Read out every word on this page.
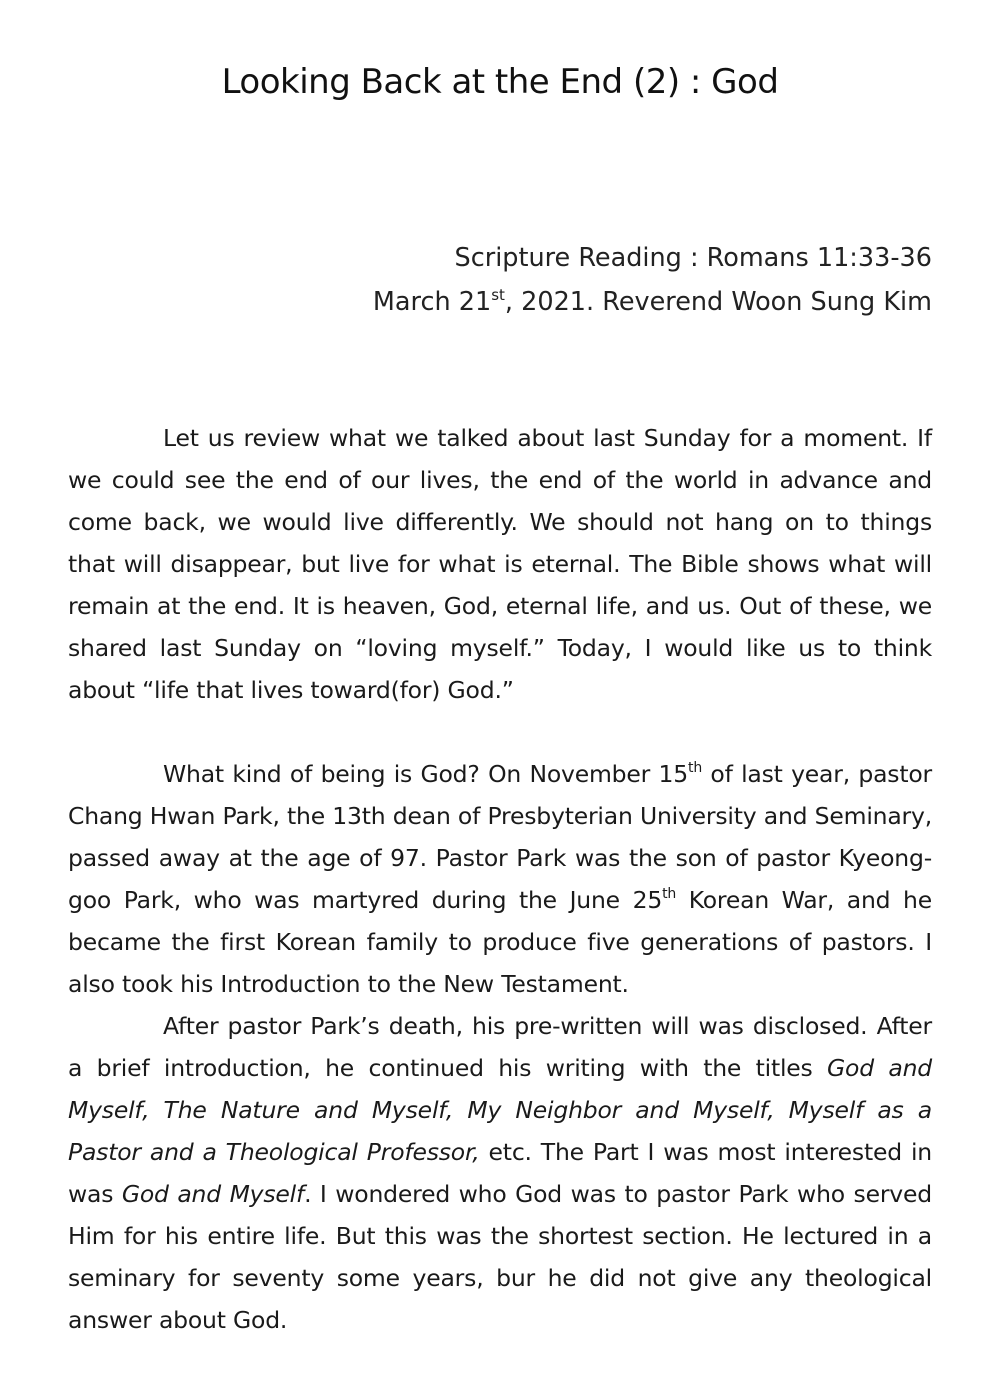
Looking Back at the End (2) : God
Scripture Reading : Romans 11:33-36
March 21st, 2021. Reverend Woon Sung Kim

Let us review what we talked about last Sunday for a moment. If we could see the end of our lives, the end of the world in advance and come back, we would live differently. We should not hang on to things that will disappear, but live for what is eternal. The Bible shows what will remain at the end. It is heaven, God, eternal life, and us. Out of these, we shared last Sunday on “loving myself.” Today, I would like us to think about “life that lives toward(for) God.”

What kind of being is God? On November 15th of last year, pastor Chang Hwan Park, the 13th dean of Presbyterian University and Seminary, passed away at the age of 97. Pastor Park was the son of pastor Kyeong-goo Park, who was martyred during the June 25th Korean War, and he became the first Korean family to produce five generations of pastors. I also took his Introduction to the New Testament.

After pastor Park’s death, his pre-written will was disclosed. After a brief introduction, he continued his writing with the titles God and Myself, The Nature and Myself, My Neighbor and Myself, Myself as a Pastor and a Theological Professor, etc. The Part I was most interested in was God and Myself. I wondered who God was to pastor Park who served Him for his entire life. But this was the shortest section. He lectured in a seminary for seventy some years, bur he did not give any theological answer about God.
